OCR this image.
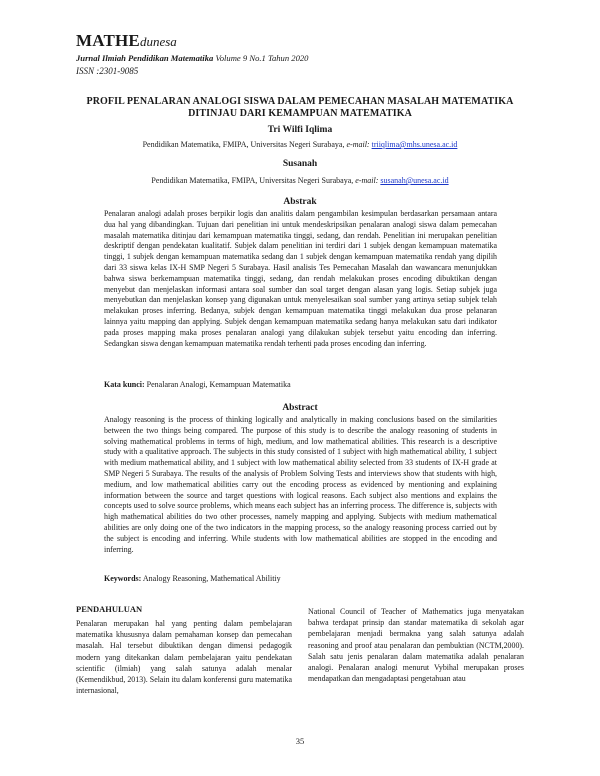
MATHEdunesa
Jurnal Ilmiah Pendidikan Matematika Volume 9 No.1 Tahun 2020
ISSN :2301-9085
PROFIL PENALARAN ANALOGI SISWA DALAM PEMECAHAN MASALAH MATEMATIKA DITINJAU DARI KEMAMPUAN MATEMATIKA
Tri Wilfi Iqlima
Pendidikan Matematika, FMIPA, Universitas Negeri Surabaya, e-mail: triiqlima@mhs.unesa.ac.id
Susanah
Pendidikan Matematika, FMIPA, Universitas Negeri Surabaya, e-mail: susanah@unesa.ac.id
Abstrak
Penalaran analogi adalah proses berpikir logis dan analitis dalam pengambilan kesimpulan berdasarkan persamaan antara dua hal yang dibandingkan. Tujuan dari penelitian ini untuk mendeskripsikan penalaran analogi siswa dalam pemecahan masalah matematika ditinjau dari kemampuan matematika tinggi, sedang, dan rendah. Penelitian ini merupakan penelitian deskriptif dengan pendekatan kualitatif. Subjek dalam penelitian ini terdiri dari 1 subjek dengan kemampuan matematika tinggi, 1 subjek dengan kemampuan matematika sedang dan 1 subjek dengan kemampuan matematika rendah yang dipilih dari 33 siswa kelas IX-H SMP Negeri 5 Surabaya. Hasil analisis Tes Pemecahan Masalah dan wawancara menunjukkan bahwa siswa berkemampuan matematika tinggi, sedang, dan rendah melakukan proses encoding dibuktikan dengan menyebut dan menjelaskan informasi antara soal sumber dan soal target dengan alasan yang logis. Setiap subjek juga menyebutkan dan menjelaskan konsep yang digunakan untuk menyelesaikan soal sumber yang artinya setiap subjek telah melakukan proses inferring. Bedanya, subjek dengan kemampuan matematika tinggi melakukan dua prose pelanaran lainnya yaitu mapping dan applying. Subjek dengan kemampuan matematika sedang hanya melakukan satu dari indikator pada proses mapping maka proses penalaran analogi yang dilakukan subjek tersebut yaitu encoding dan inferring. Sedangkan siswa dengan kemampuan matematika rendah terhenti pada proses encoding dan inferring.
Kata kunci: Penalaran Analogi, Kemampuan Matematika
Abstract
Analogy reasoning is the process of thinking logically and analytically in making conclusions based on the similarities between the two things being compared. The purpose of this study is to describe the analogy reasoning of students in solving mathematical problems in terms of high, medium, and low mathematical abilities. This research is a descriptive study with a qualitative approach. The subjects in this study consisted of 1 subject with high mathematical ability, 1 subject with medium mathematical ability, and 1 subject with low mathematical ability selected from 33 students of IX-H grade at SMP Negeri 5 Surabaya. The results of the analysis of Problem Solving Tests and interviews show that students with high, medium, and low mathematical abilities carry out the encoding process as evidenced by mentioning and explaining information between the source and target questions with logical reasons. Each subject also mentions and explains the concepts used to solve source problems, which means each subject has an inferring process. The difference is, subjects with high mathematical abilities do two other processes, namely mapping and applying. Subjects with medium mathematical abilities are only doing one of the two indicators in the mapping process, so the analogy reasoning process carried out by the subject is encoding and inferring. While students with low mathematical abilities are stopped in the encoding and inferring.
Keywords: Analogy Reasoning, Mathematical Abilitiy
PENDAHULUAN
Penalaran merupakan hal yang penting dalam pembelajaran matematika khususnya dalam pemahaman konsep dan pemecahan masalah. Hal tersebut dibuktikan dengan dimensi pedagogik modern yang ditekankan dalam pembelajaran yaitu pendekatan scientific (ilmiah) yang salah satunya adalah menalar (Kemendikbud, 2013). Selain itu dalam konferensi guru matematika internasional,
National Council of Teacher of Mathematics juga menyatakan bahwa terdapat prinsip dan standar matematika di sekolah agar pembelajaran menjadi bermakna yang salah satunya adalah reasoning and proof atau penalaran dan pembuktian (NCTM,2000). Salah satu jenis penalaran dalam matematika adalah penalaran analogi. Penalaran analogi menurut Vybihal merupakan proses mendapatkan dan mengadaptasi pengetahuan atau
35
